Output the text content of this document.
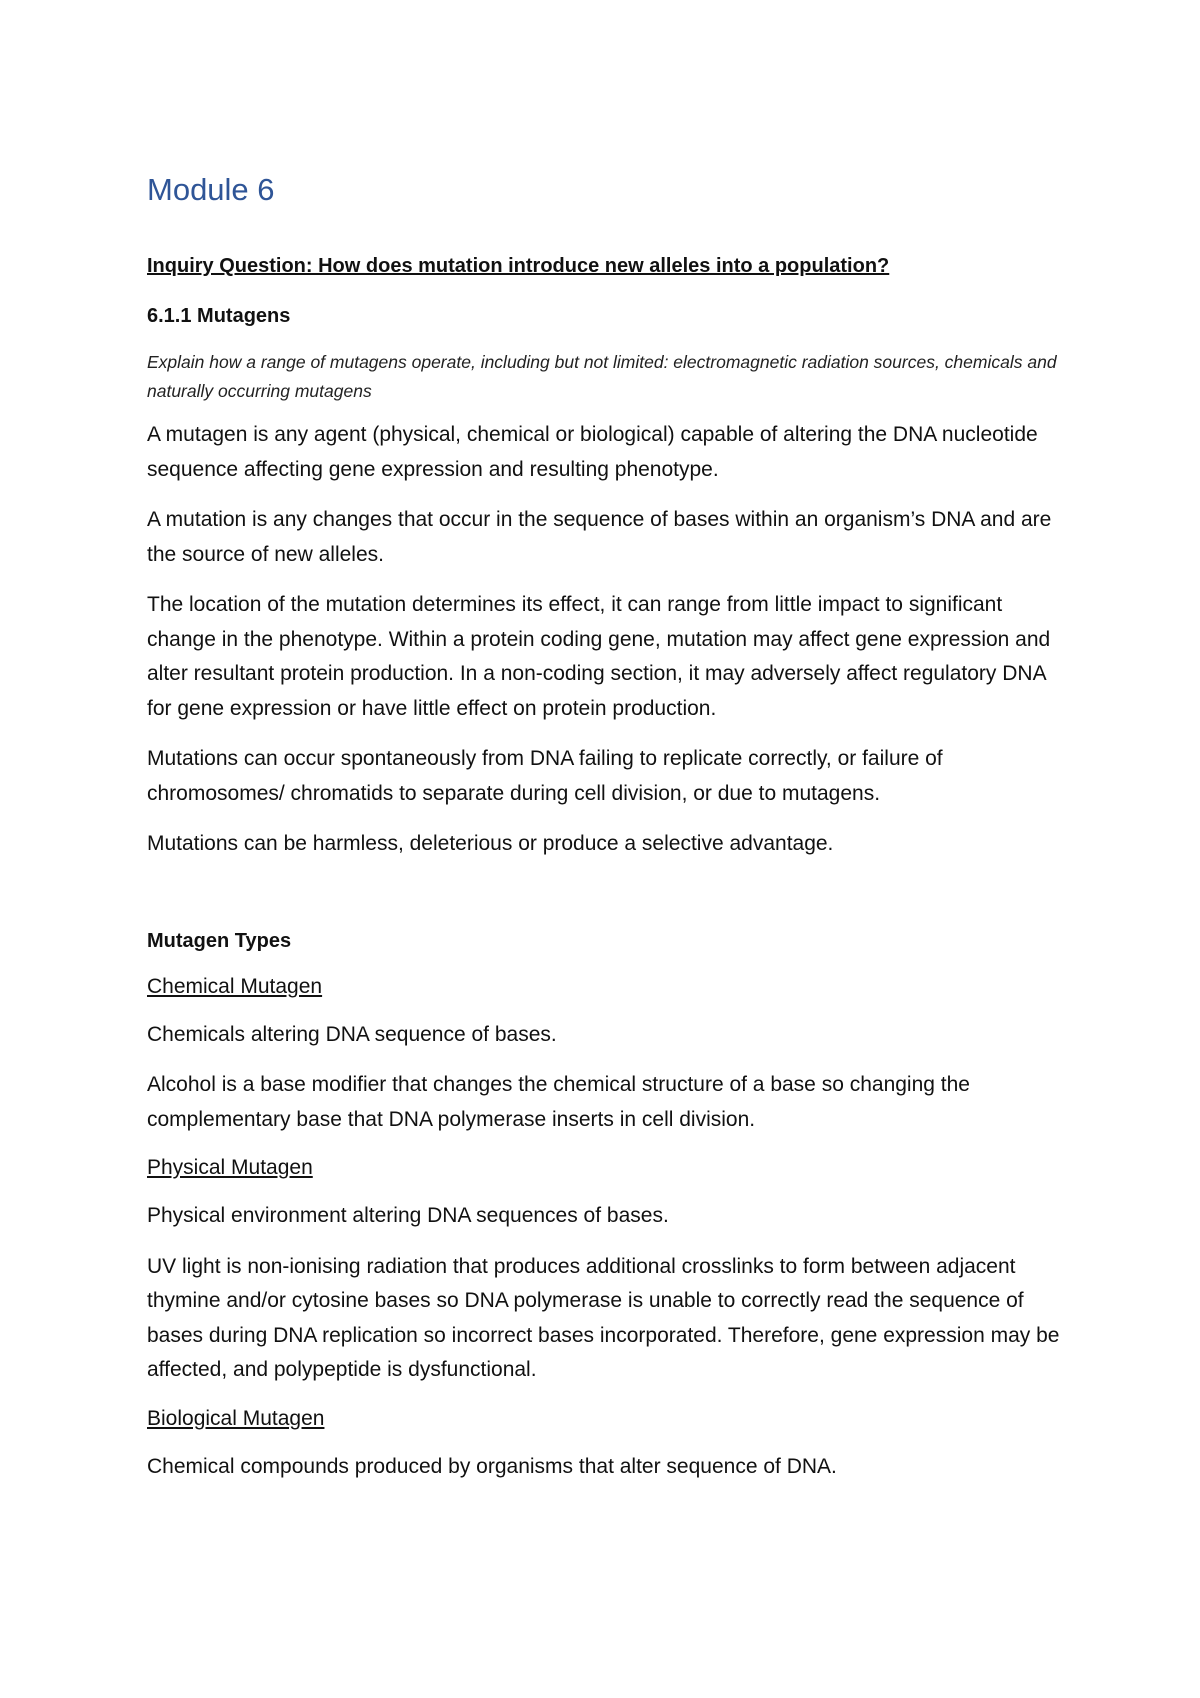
Module 6
Inquiry Question: How does mutation introduce new alleles into a population?
6.1.1 Mutagens
Explain how a range of mutagens operate, including but not limited: electromagnetic radiation sources, chemicals and naturally occurring mutagens

A mutagen is any agent (physical, chemical or biological) capable of altering the DNA nucleotide sequence affecting gene expression and resulting phenotype.

A mutation is any changes that occur in the sequence of bases within an organism’s DNA and are the source of new alleles.

The location of the mutation determines its effect, it can range from little impact to significant change in the phenotype. Within a protein coding gene, mutation may affect gene expression and alter resultant protein production. In a non-coding section, it may adversely affect regulatory DNA for gene expression or have little effect on protein production.

Mutations can occur spontaneously from DNA failing to replicate correctly, or failure of chromosomes/ chromatids to separate during cell division, or due to mutagens.

Mutations can be harmless, deleterious or produce a selective advantage.

Mutagen Types
Chemical Mutagen

Chemicals altering DNA sequence of bases.

Alcohol is a base modifier that changes the chemical structure of a base so changing the complementary base that DNA polymerase inserts in cell division.

Physical Mutagen

Physical environment altering DNA sequences of bases.

UV light is non-ionising radiation that produces additional crosslinks to form between adjacent thymine and/or cytosine bases so DNA polymerase is unable to correctly read the sequence of bases during DNA replication so incorrect bases incorporated. Therefore, gene expression may be affected, and polypeptide is dysfunctional.

Biological Mutagen

Chemical compounds produced by organisms that alter sequence of DNA.
